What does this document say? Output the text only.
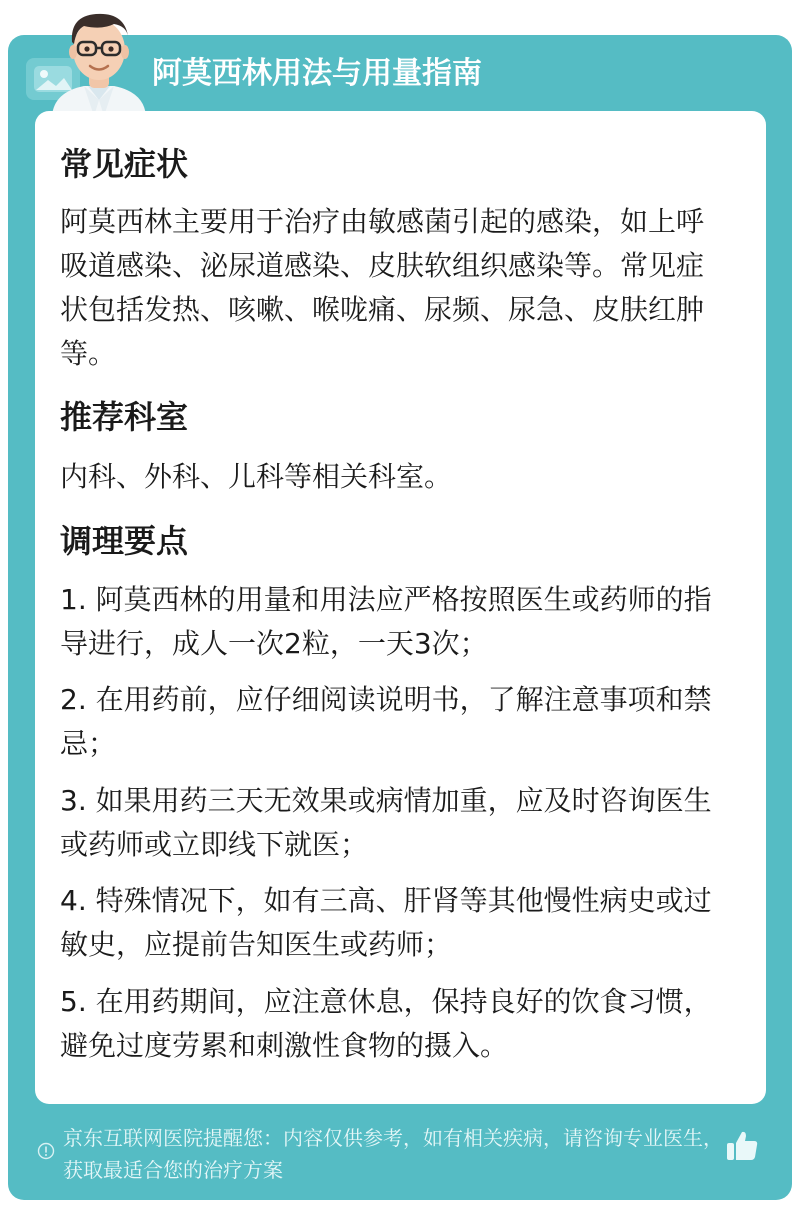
阿莫西林用法与用量指南
常见症状
阿莫西林主要用于治疗由敏感菌引起的感染，如上呼吸道感染、泌尿道感染、皮肤软组织感染等。常见症状包括发热、咳嗽、喉咙痛、尿频、尿急、皮肤红肿等。
推荐科室
内科、外科、儿科等相关科室。
调理要点
1. 阿莫西林的用量和用法应严格按照医生或药师的指导进行，成人一次2粒，一天3次；
2. 在用药前，应仔细阅读说明书，了解注意事项和禁忌；
3. 如果用药三天无效果或病情加重，应及时咨询医生或药师或立即线下就医；
4. 特殊情况下，如有三高、肝肾等其他慢性病史或过敏史，应提前告知医生或药师；
5. 在用药期间，应注意休息，保持良好的饮食习惯，避免过度劳累和刺激性食物的摄入。
京东互联网医院提醒您：内容仅供参考，如有相关疾病，请咨询专业医生，获取最适合您的治疗方案
